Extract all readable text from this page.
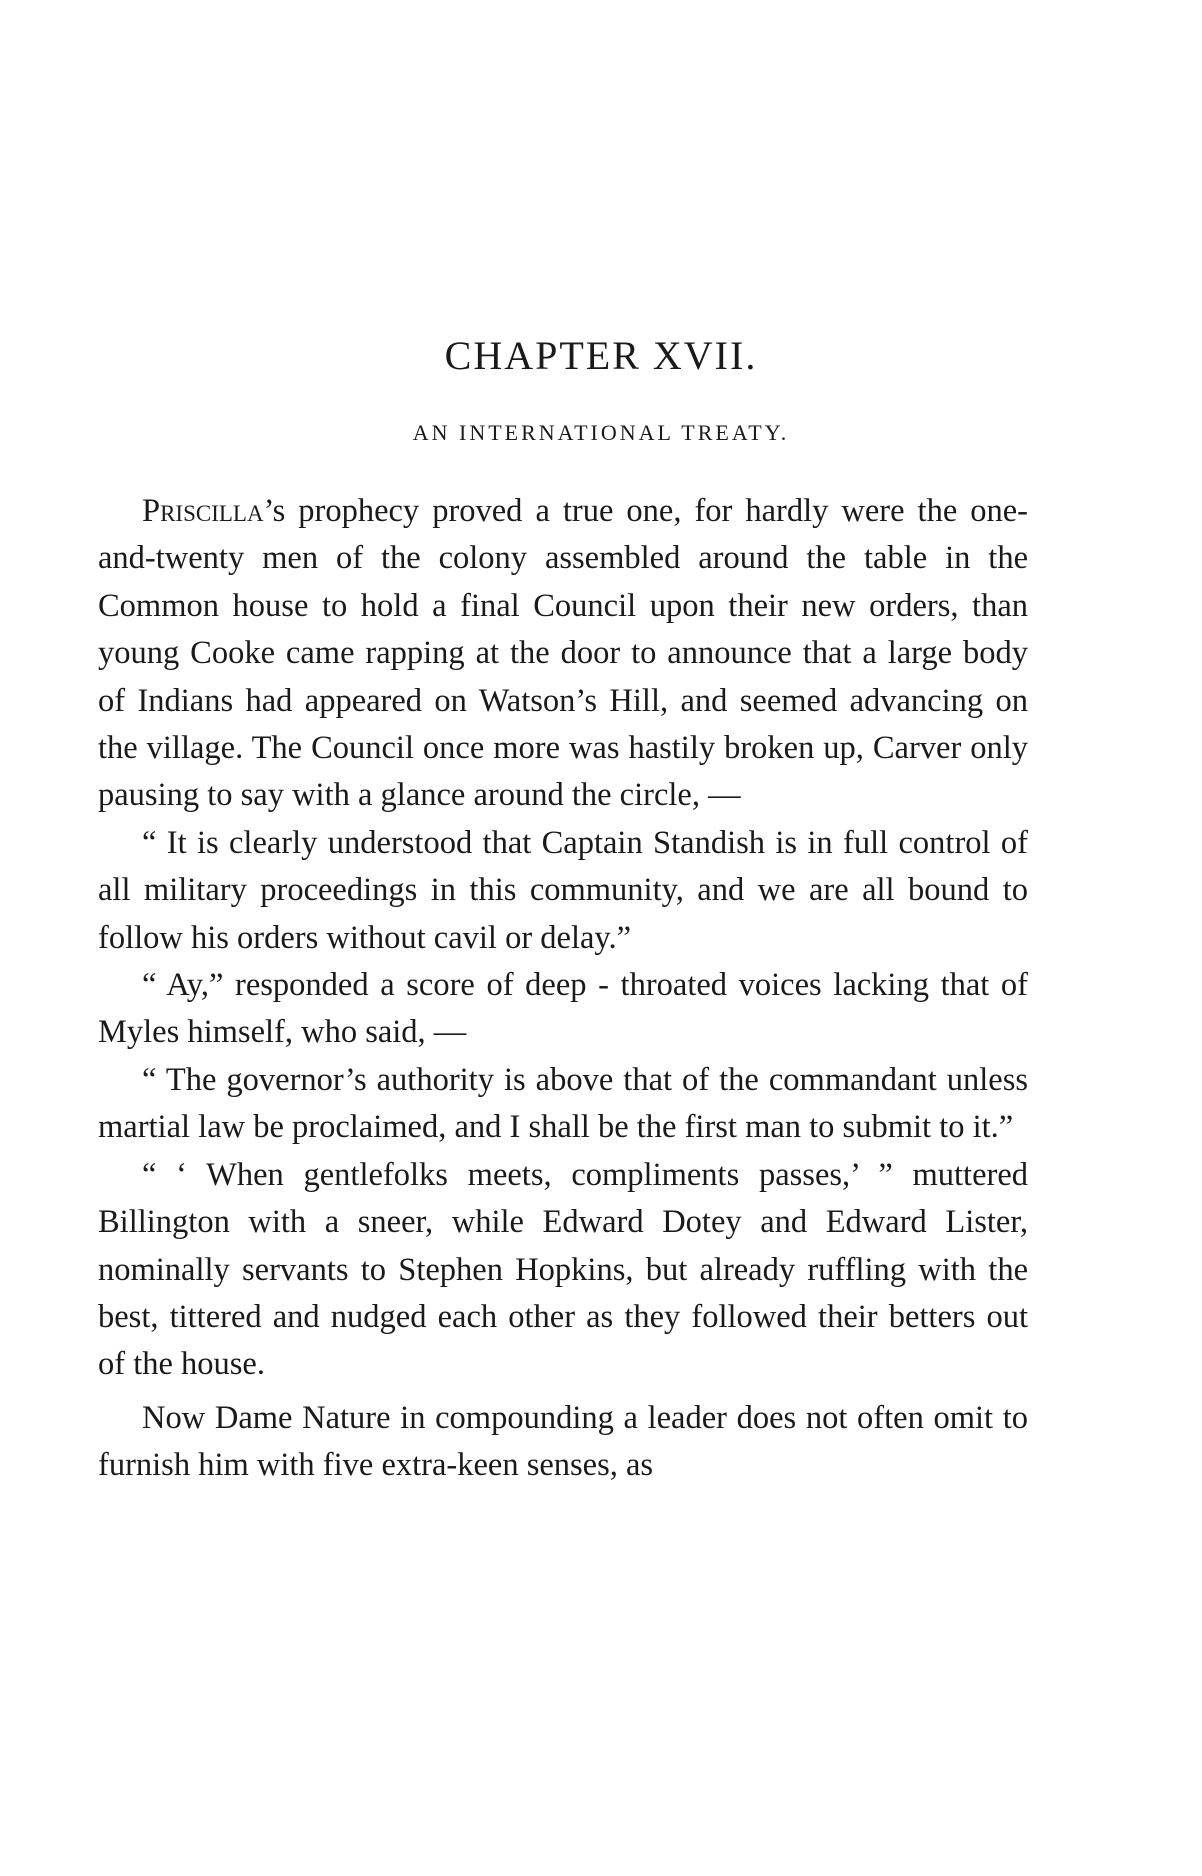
CHAPTER XVII.
AN INTERNATIONAL TREATY.

Priscilla’s prophecy proved a true one, for hardly were the one-and-twenty men of the colony assembled around the table in the Common house to hold a final Council upon their new orders, than young Cooke came rapping at the door to announce that a large body of Indians had appeared on Watson’s Hill, and seemed advancing on the village. The Council once more was hastily broken up, Carver only pausing to say with a glance around the circle, —

“ It is clearly understood that Captain Standish is in full control of all military proceedings in this community, and we are all bound to follow his orders without cavil or delay.”

“ Ay,” responded a score of deep - throated voices lacking that of Myles himself, who said, —

“ The governor’s authority is above that of the commandant unless martial law be proclaimed, and I shall be the first man to submit to it.”

“ ‘ When gentlefolks meets, compliments passes,’ ” muttered Billington with a sneer, while Edward Dotey and Edward Lister, nominally servants to Stephen Hopkins, but already ruffling with the best, tittered and nudged each other as they followed their betters out of the house.

Now Dame Nature in compounding a leader does not often omit to furnish him with five extra-keen senses, as
